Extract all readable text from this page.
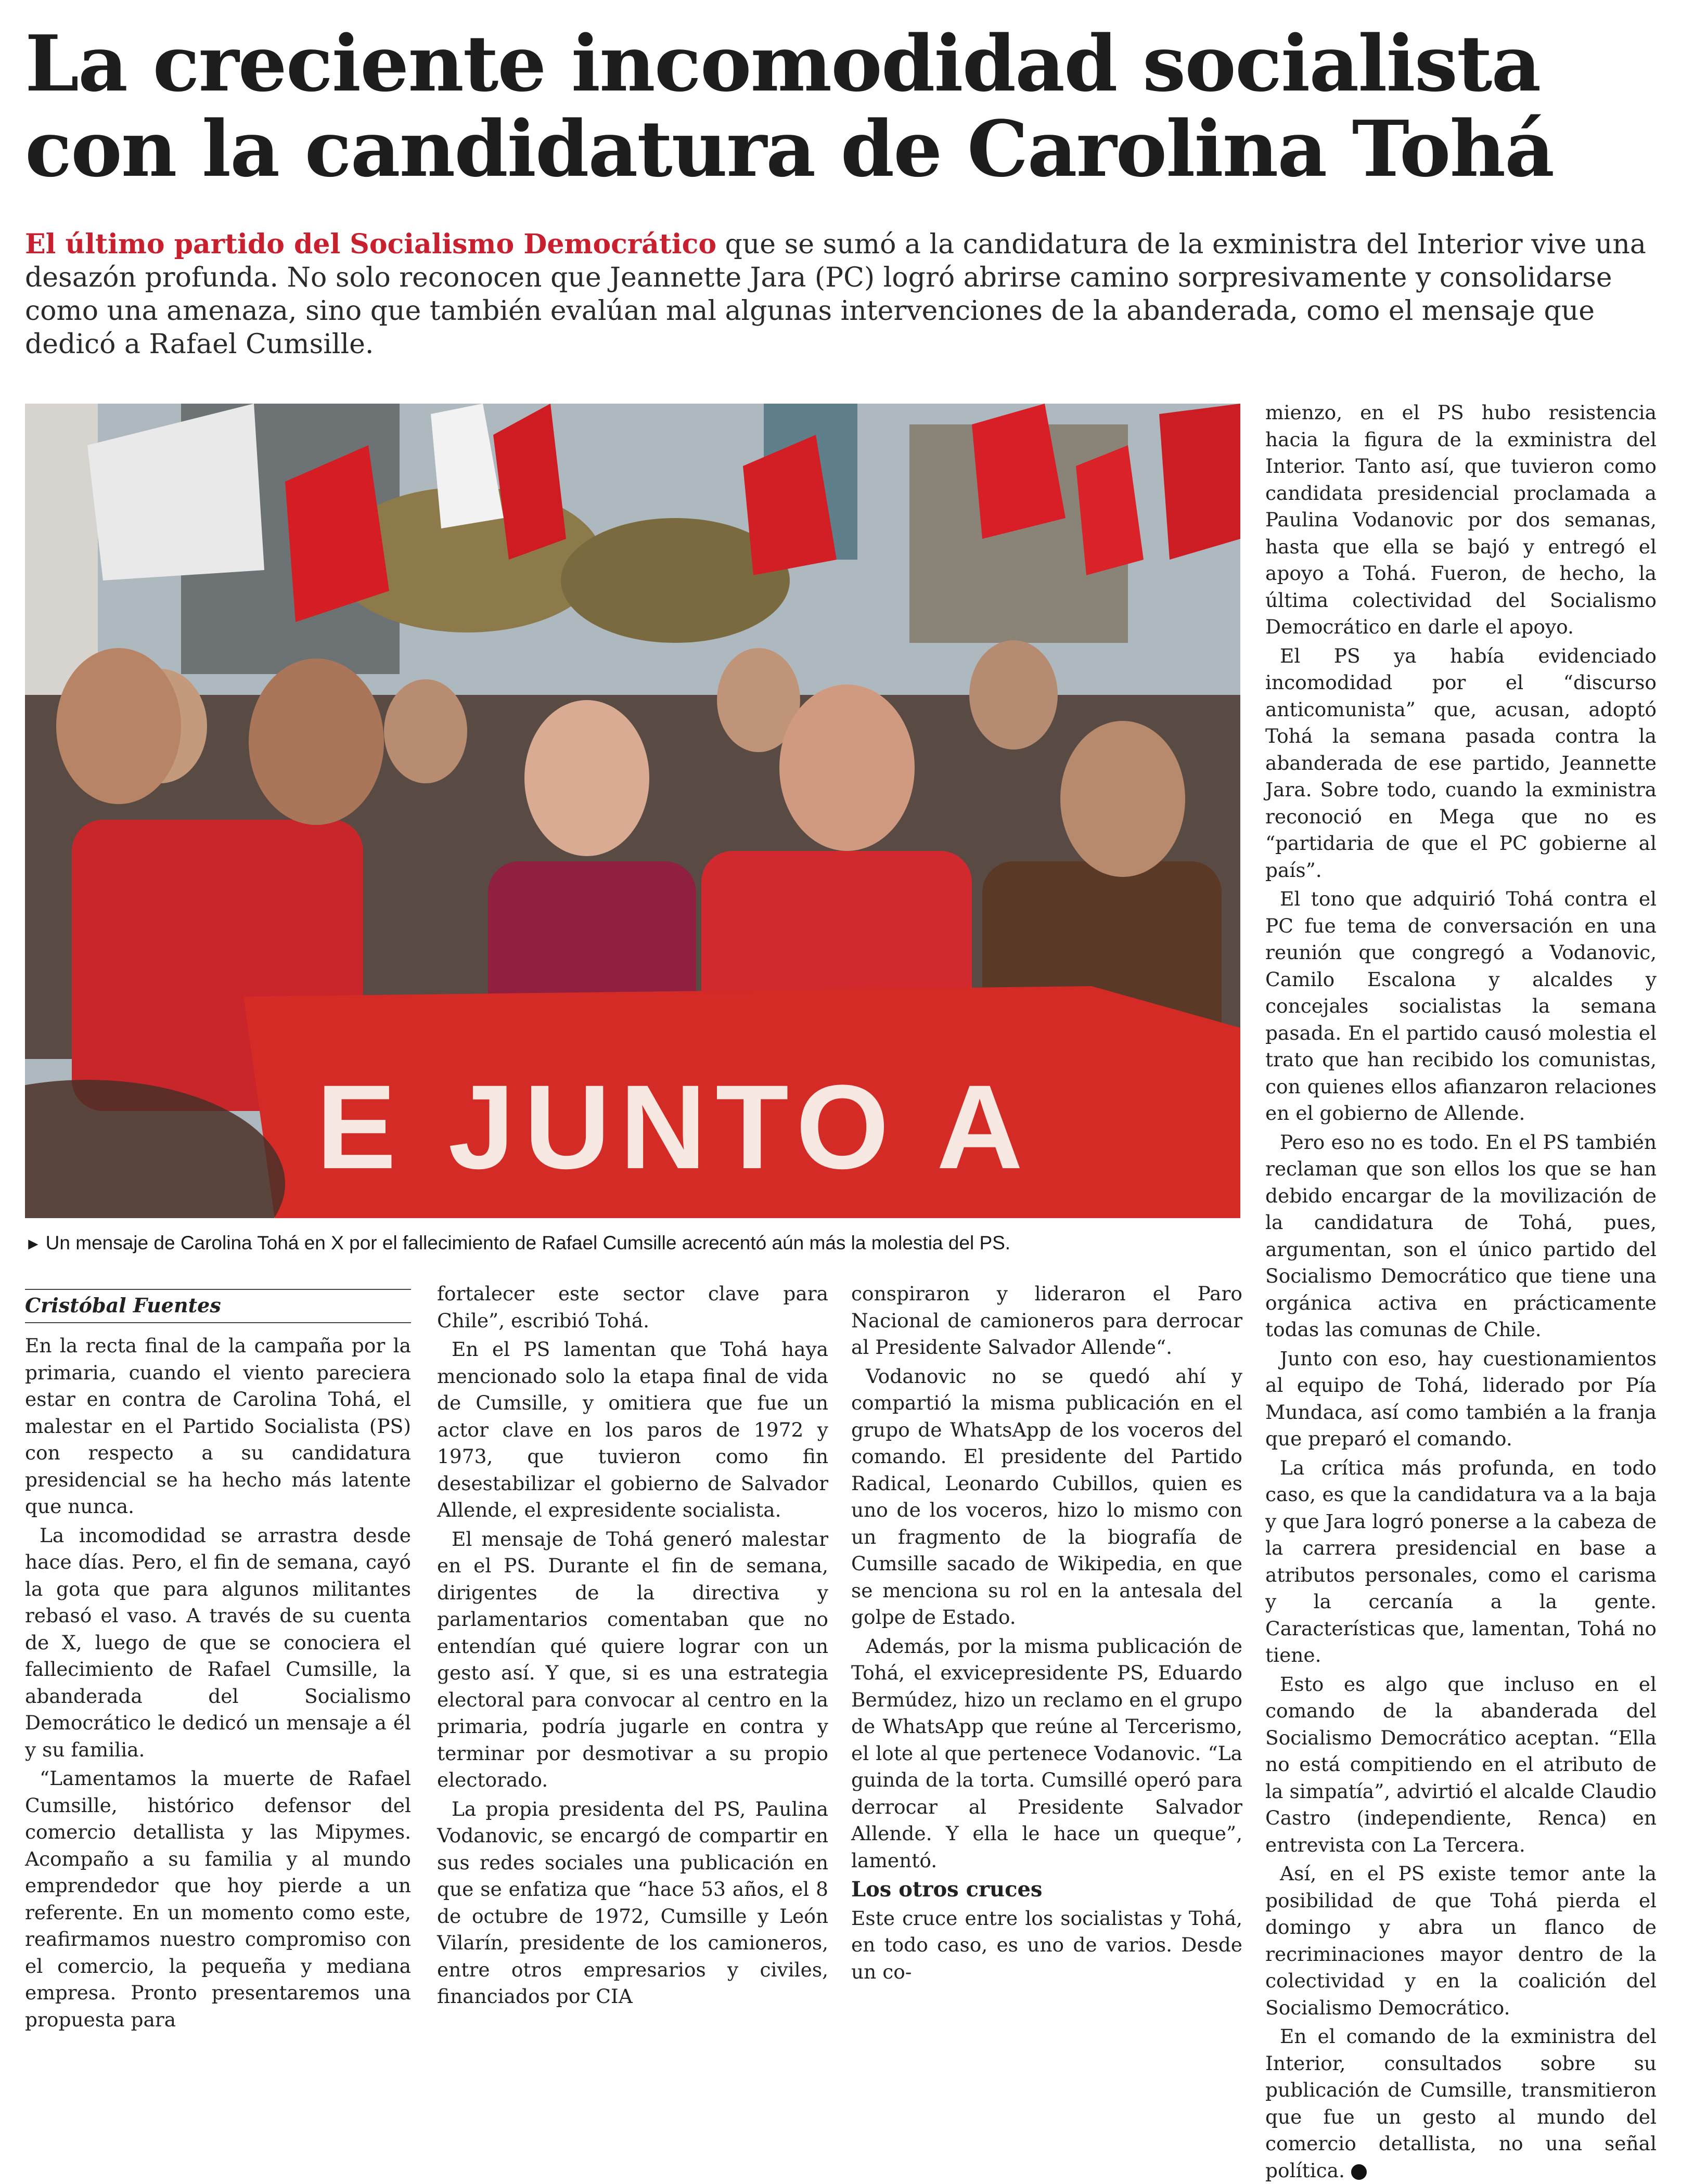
La creciente incomodidad socialista
con la candidatura de Carolina Tohá

El último partido del Socialismo Democrático que se sumó a la candidatura de la exministra del Interior vive una desazón profunda. No solo reconocen que Jeannette Jara (PC) logró abrirse camino sorpresivamente y consolidarse como una amenaza, sino que también evalúan mal algunas intervenciones de la abanderada, como el mensaje que dedicó a Rafael Cumsille.

E JUNTO A
► Un mensaje de Carolina Tohá en X por el fallecimiento de Rafael Cumsille acrecentó aún más la molestia del PS.
Cristóbal Fuentes

En la recta final de la campaña por la primaria, cuando el viento pareciera estar en contra de Carolina Tohá, el malestar en el Partido Socialista (PS) con respecto a su candidatura presidencial se ha hecho más latente que nunca.

La incomodidad se arrastra desde hace días. Pero, el fin de semana, cayó la gota que para algunos militantes rebasó el vaso. A través de su cuenta de X, luego de que se conociera el fallecimiento de Rafael Cumsille, la abanderada del Socialismo Democrático le dedicó un mensaje a él y su familia.

“Lamentamos la muerte de Rafael Cumsille, histórico defensor del comercio detallista y las Mipymes. Acompaño a su familia y al mundo emprendedor que hoy pierde a un referente. En un momento como este, reafirmamos nuestro compromiso con el comercio, la pequeña y mediana empresa. Pronto presentaremos una propuesta para

fortalecer este sector clave para Chile”, escribió Tohá.

En el PS lamentan que Tohá haya mencionado solo la etapa final de vida de Cumsille, y omitiera que fue un actor clave en los paros de 1972 y 1973, que tuvieron como fin desestabilizar el gobierno de Salvador Allende, el expresidente socialista.

El mensaje de Tohá generó malestar en el PS. Durante el fin de semana, dirigentes de la directiva y parlamentarios comentaban que no entendían qué quiere lograr con un gesto así. Y que, si es una estrategia electoral para convocar al centro en la primaria, podría jugarle en contra y terminar por desmotivar a su propio electorado.

La propia presidenta del PS, Paulina Vodanovic, se encargó de compartir en sus redes sociales una publicación en que se enfatiza que “hace 53 años, el 8 de octubre de 1972, Cumsille y León Vilarín, presidente de los camioneros, entre otros empresarios y civiles, financiados por CIA

conspiraron y lideraron el Paro Nacional de camioneros para derrocar al Presidente Salvador Allende“.

Vodanovic no se quedó ahí y compartió la misma publicación en el grupo de WhatsApp de los voceros del comando. El presidente del Partido Radical, Leonardo Cubillos, quien es uno de los voceros, hizo lo mismo con un fragmento de la biografía de Cumsille sacado de Wikipedia, en que se menciona su rol en la antesala del golpe de Estado.

Además, por la misma publicación de Tohá, el exvicepresidente PS, Eduardo Bermúdez, hizo un reclamo en el grupo de WhatsApp que reúne al Tercerismo, el lote al que pertenece Vodanovic. “La guinda de la torta. Cumsillé operó para derrocar al Presidente Salvador Allende. Y ella le hace un queque”, lamentó.

Los otros cruces

Este cruce entre los socialistas y Tohá, en todo caso, es uno de varios. Desde un co-

mienzo, en el PS hubo resistencia hacia la figura de la exministra del Interior. Tanto así, que tuvieron como candidata presidencial proclamada a Paulina Vodanovic por dos semanas, hasta que ella se bajó y entregó el apoyo a Tohá. Fueron, de hecho, la última colectividad del Socialismo Democrático en darle el apoyo.

El PS ya había evidenciado incomodidad por el “discurso anticomunista” que, acusan, adoptó Tohá la semana pasada contra la abanderada de ese partido, Jeannette Jara. Sobre todo, cuando la exministra reconoció en Mega que no es “partidaria de que el PC gobierne al país”.

El tono que adquirió Tohá contra el PC fue tema de conversación en una reunión que congregó a Vodanovic, Camilo Escalona y alcaldes y concejales socialistas la semana pasada. En el partido causó molestia el trato que han recibido los comunistas, con quienes ellos afianzaron relaciones en el gobierno de Allende.

Pero eso no es todo. En el PS también reclaman que son ellos los que se han debido encargar de la movilización de la candidatura de Tohá, pues, argumentan, son el único partido del Socialismo Democrático que tiene una orgánica activa en prácticamente todas las comunas de Chile.

Junto con eso, hay cuestionamientos al equipo de Tohá, liderado por Pía Mundaca, así como también a la franja que preparó el comando.

La crítica más profunda, en todo caso, es que la candidatura va a la baja y que Jara logró ponerse a la cabeza de la carrera presidencial en base a atributos personales, como el carisma y la cercanía a la gente. Características que, lamentan, Tohá no tiene.

Esto es algo que incluso en el comando de la abanderada del Socialismo Democrático aceptan. “Ella no está compitiendo en el atributo de la simpatía”, advirtió el alcalde Claudio Castro (independiente, Renca) en entrevista con La Tercera.

Así, en el PS existe temor ante la posibilidad de que Tohá pierda el domingo y abra un flanco de recriminaciones mayor dentro de la colectividad y en la coalición del Socialismo Democrático.

En el comando de la exministra del Interior, consultados sobre su publicación de Cumsille, transmitieron que fue un gesto al mundo del comercio detallista, no una señal política.
